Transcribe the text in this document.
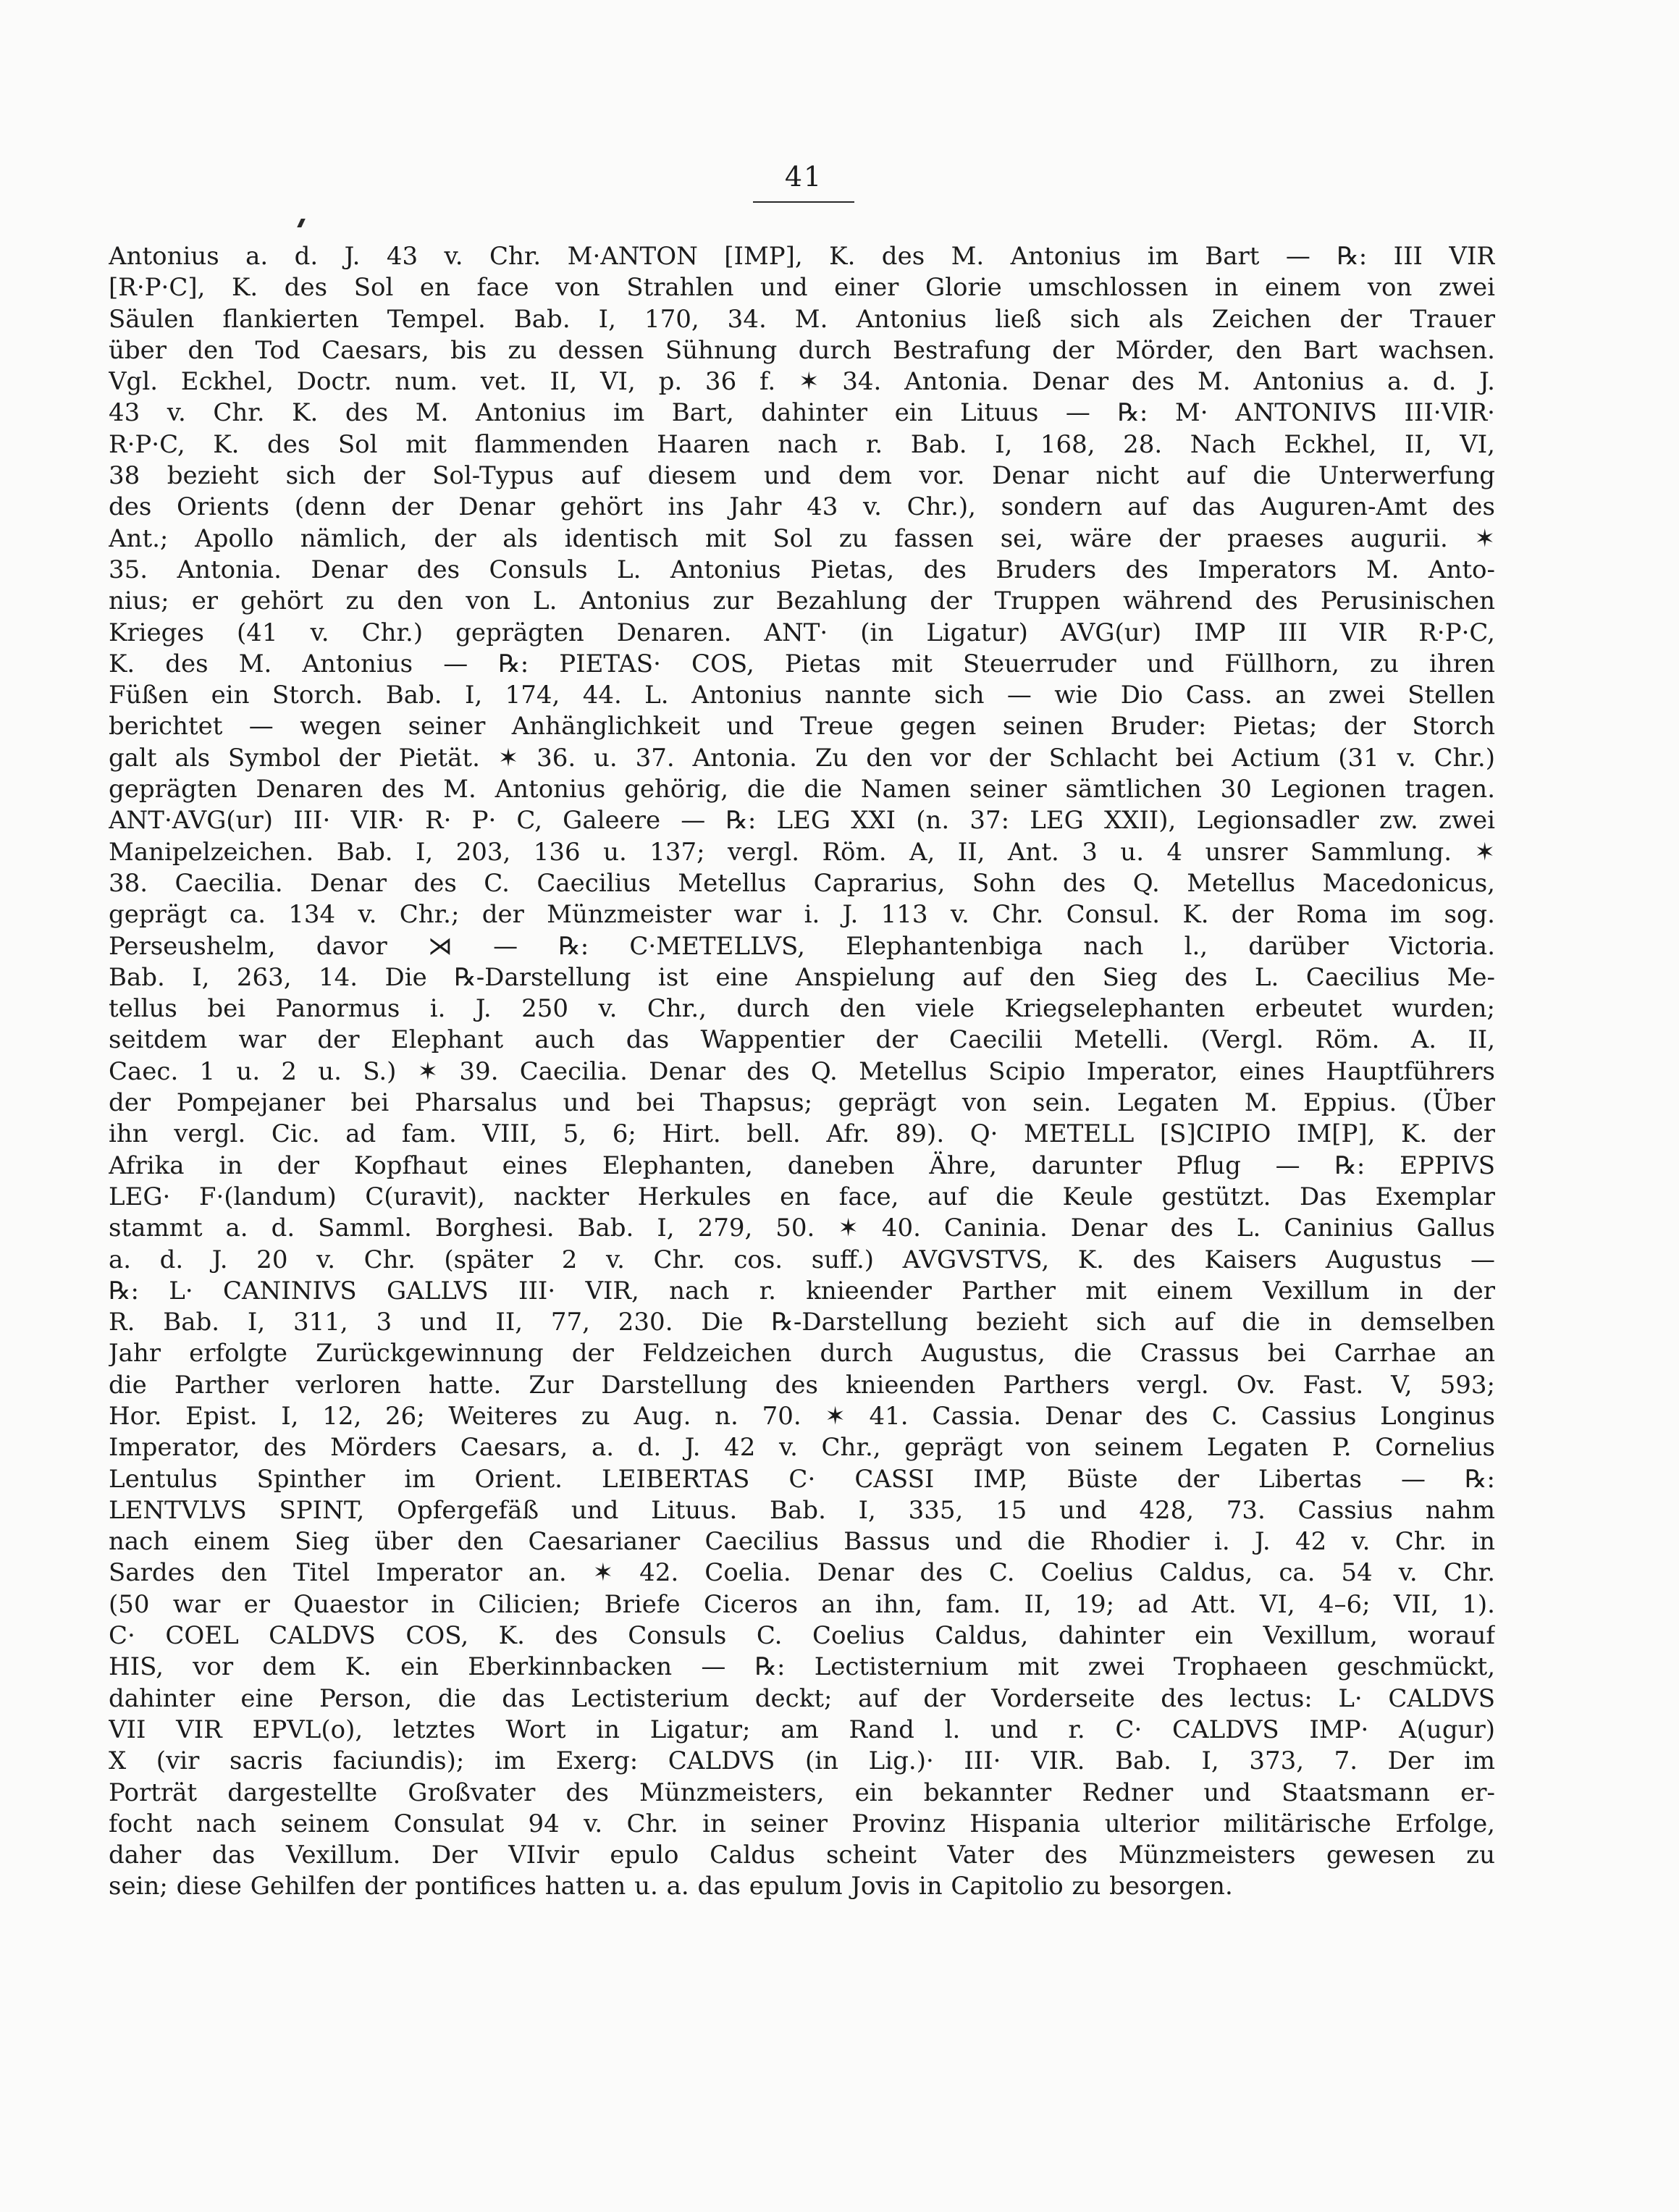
41
Antonius a. d. J. 43 v. Chr. M·ANTON [IMP], K. des M. Antonius im Bart — ℞: III VIR
[R·P·C], K. des Sol en face von Strahlen und einer Glorie umschlossen in einem von zwei
Säulen flankierten Tempel. Bab. I, 170, 34. M. Antonius ließ sich als Zeichen der Trauer
über den Tod Caesars, bis zu dessen Sühnung durch Bestrafung der Mörder, den Bart wachsen.
Vgl. Eckhel, Doctr. num. vet. II, VI, p. 36 f. ✶ 34. Antonia. Denar des M. Antonius a. d. J.
43 v. Chr. K. des M. Antonius im Bart, dahinter ein Lituus — ℞: M· ANTONIVS III·VIR·
R·P·C, K. des Sol mit flammenden Haaren nach r. Bab. I, 168, 28. Nach Eckhel, II, VI,
38 bezieht sich der Sol-Typus auf diesem und dem vor. Denar nicht auf die Unterwerfung
des Orients (denn der Denar gehört ins Jahr 43 v. Chr.), sondern auf das Auguren-Amt des
Ant.; Apollo nämlich, der als identisch mit Sol zu fassen sei, wäre der praeses augurii. ✶
35. Antonia. Denar des Consuls L. Antonius Pietas, des Bruders des Imperators M. Anto-
nius; er gehört zu den von L. Antonius zur Bezahlung der Truppen während des Perusinischen
Krieges (41 v. Chr.) geprägten Denaren. ANT· (in Ligatur) AVG(ur) IMP III VIR R·P·C,
K. des M. Antonius — ℞: PIETAS· COS, Pietas mit Steuerruder und Füllhorn, zu ihren
Füßen ein Storch. Bab. I, 174, 44. L. Antonius nannte sich — wie Dio Cass. an zwei Stellen
berichtet — wegen seiner Anhänglichkeit und Treue gegen seinen Bruder: Pietas; der Storch
galt als Symbol der Pietät. ✶ 36. u. 37. Antonia. Zu den vor der Schlacht bei Actium (31 v. Chr.)
geprägten Denaren des M. Antonius gehörig, die die Namen seiner sämtlichen 30 Legionen tragen.
ANT·AVG(ur) III· VIR· R· P· C, Galeere — ℞: LEG XXI (n. 37: LEG XXII), Legionsadler zw. zwei
Manipelzeichen. Bab. I, 203, 136 u. 137; vergl. Röm. A, II, Ant. 3 u. 4 unsrer Sammlung. ✶
38. Caecilia. Denar des C. Caecilius Metellus Caprarius, Sohn des Q. Metellus Macedonicus,
geprägt ca. 134 v. Chr.; der Münzmeister war i. J. 113 v. Chr. Consul. K. der Roma im sog.
Perseushelm, davor ⋊ — ℞: C·METELLVS, Elephantenbiga nach l., darüber Victoria.
Bab. I, 263, 14. Die ℞-Darstellung ist eine Anspielung auf den Sieg des L. Caecilius Me-
tellus bei Panormus i. J. 250 v. Chr., durch den viele Kriegselephanten erbeutet wurden;
seitdem war der Elephant auch das Wappentier der Caecilii Metelli. (Vergl. Röm. A. II,
Caec. 1 u. 2 u. S.) ✶ 39. Caecilia. Denar des Q. Metellus Scipio Imperator, eines Hauptführers
der Pompejaner bei Pharsalus und bei Thapsus; geprägt von sein. Legaten M. Eppius. (Über
ihn vergl. Cic. ad fam. VIII, 5, 6; Hirt. bell. Afr. 89). Q· METELL [S]CIPIO IM[P], K. der
Afrika in der Kopfhaut eines Elephanten, daneben Ähre, darunter Pflug — ℞: EPPIVS
LEG· F·(landum) C(uravit), nackter Herkules en face, auf die Keule gestützt. Das Exemplar
stammt a. d. Samml. Borghesi. Bab. I, 279, 50. ✶ 40. Caninia. Denar des L. Caninius Gallus
a. d. J. 20 v. Chr. (später 2 v. Chr. cos. suff.) AVGVSTVS, K. des Kaisers Augustus —
℞: L· CANINIVS GALLVS III· VIR, nach r. knieender Parther mit einem Vexillum in der
R. Bab. I, 311, 3 und II, 77, 230. Die ℞-Darstellung bezieht sich auf die in demselben
Jahr erfolgte Zurückgewinnung der Feldzeichen durch Augustus, die Crassus bei Carrhae an
die Parther verloren hatte. Zur Darstellung des knieenden Parthers vergl. Ov. Fast. V, 593;
Hor. Epist. I, 12, 26; Weiteres zu Aug. n. 70. ✶ 41. Cassia. Denar des C. Cassius Longinus
Imperator, des Mörders Caesars, a. d. J. 42 v. Chr., geprägt von seinem Legaten P. Cornelius
Lentulus Spinther im Orient. LEIBERTAS C· CASSI IMP, Büste der Libertas — ℞:
LENTVLVS SPINT, Opfergefäß und Lituus. Bab. I, 335, 15 und 428, 73. Cassius nahm
nach einem Sieg über den Caesarianer Caecilius Bassus und die Rhodier i. J. 42 v. Chr. in
Sardes den Titel Imperator an. ✶ 42. Coelia. Denar des C. Coelius Caldus, ca. 54 v. Chr.
(50 war er Quaestor in Cilicien; Briefe Ciceros an ihn, fam. II, 19; ad Att. VI, 4–6; VII, 1).
C· COEL CALDVS COS, K. des Consuls C. Coelius Caldus, dahinter ein Vexillum, worauf
HIS, vor dem K. ein Eberkinnbacken — ℞: Lectisternium mit zwei Trophaeen geschmückt,
dahinter eine Person, die das Lectisterium deckt; auf der Vorderseite des lectus: L· CALDVS
VII VIR EPVL(o), letztes Wort in Ligatur; am Rand l. und r. C· CALDVS IMP· A(ugur)
X (vir sacris faciundis); im Exerg: CALDVS (in Lig.)· III· VIR. Bab. I, 373, 7. Der im
Porträt dargestellte Großvater des Münzmeisters, ein bekannter Redner und Staatsmann er-
focht nach seinem Consulat 94 v. Chr. in seiner Provinz Hispania ulterior militärische Erfolge,
daher das Vexillum. Der VIIvir epulo Caldus scheint Vater des Münzmeisters gewesen zu
sein; diese Gehilfen der pontifices hatten u. a. das epulum Jovis in Capitolio zu besorgen.
